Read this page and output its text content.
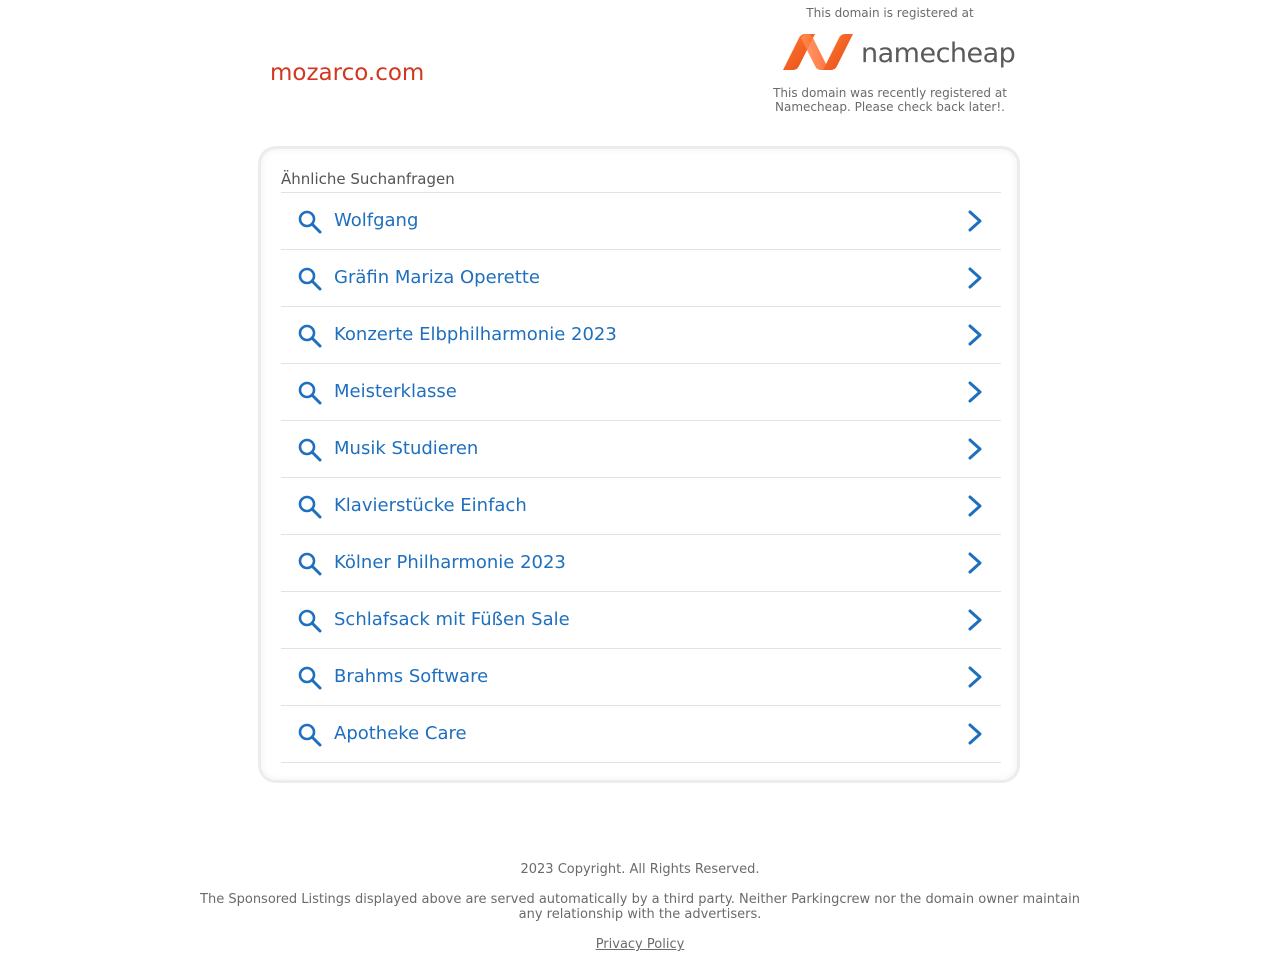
mozarco.com
This domain is registered at
namecheap
This domain was recently registered at Namecheap. Please check back later!.
Ähnliche Suchanfragen
Wolfgang
Gräfin Mariza Operette
Konzerte Elbphilharmonie 2023
Meisterklasse
Musik Studieren
Klavierstücke Einfach
Kölner Philharmonie 2023
Schlafsack mit Füßen Sale
Brahms Software
Apotheke Care
2023 Copyright. All Rights Reserved.
The Sponsored Listings displayed above are served automatically by a third party. Neither Parkingcrew nor the domain owner maintain any relationship with the advertisers.
Privacy Policy
